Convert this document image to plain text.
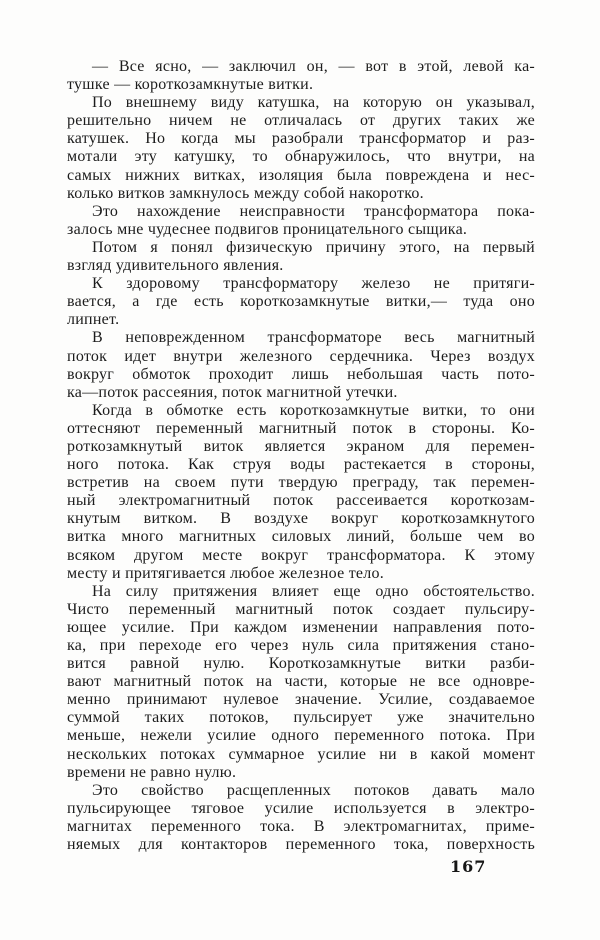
— Все ясно, — заключил он, — вот в этой, левой ка-
тушке — короткозамкнутые витки.
По внешнему виду катушка, на которую он указывал,
решительно ничем не отличалась от других таких же
катушек. Но когда мы разобрали трансформатор и раз-
мотали эту катушку, то обнаружилось, что внутри, на
самых нижних витках, изоляция была повреждена и нес-
колько витков замкнулось между собой накоротко.
Это нахождение неисправности трансформатора пока-
залось мне чудеснее подвигов проницательного сыщика.
Потом я понял физическую причину этого, на первый
взгляд удивительного явления.
К здоровому трансформатору железо не притяги-
вается, а где есть короткозамкнутые витки,— туда оно
липнет.
В неповрежденном трансформаторе весь магнитный
поток идет внутри железного сердечника. Через воздух
вокруг обмоток проходит лишь небольшая часть пото-
ка—поток рассеяния, поток магнитной утечки.
Когда в обмотке есть короткозамкнутые витки, то они
оттесняют переменный магнитный поток в стороны. Ко-
роткозамкнутый виток является экраном для перемен-
ного потока. Как струя воды растекается в стороны,
встретив на своем пути твердую преграду, так перемен-
ный электромагнитный поток рассеивается короткозам-
кнутым витком. В воздухе вокруг короткозамкнутого
витка много магнитных силовых линий, больше чем во
всяком другом месте вокруг трансформатора. К этому
месту и притягивается любое железное тело.
На силу притяжения влияет еще одно обстоятельство.
Чисто переменный магнитный поток создает пульсиру-
ющее усилие. При каждом изменении направления пото-
ка, при переходе его через нуль сила притяжения стано-
вится равной нулю. Короткозамкнутые витки разби-
вают магнитный поток на части, которые не все одновре-
менно принимают нулевое значение. Усилие, создаваемое
суммой таких потоков, пульсирует уже значительно
меньше, нежели усилие одного переменного потока. При
нескольких потоках суммарное усилие ни в какой момент
времени не равно нулю.
Это свойство расщепленных потоков давать мало
пульсирующее тяговое усилие используется в электро-
магнитах переменного тока. В электромагнитах, приме-
няемых для контакторов переменного тока, поверхность
167
